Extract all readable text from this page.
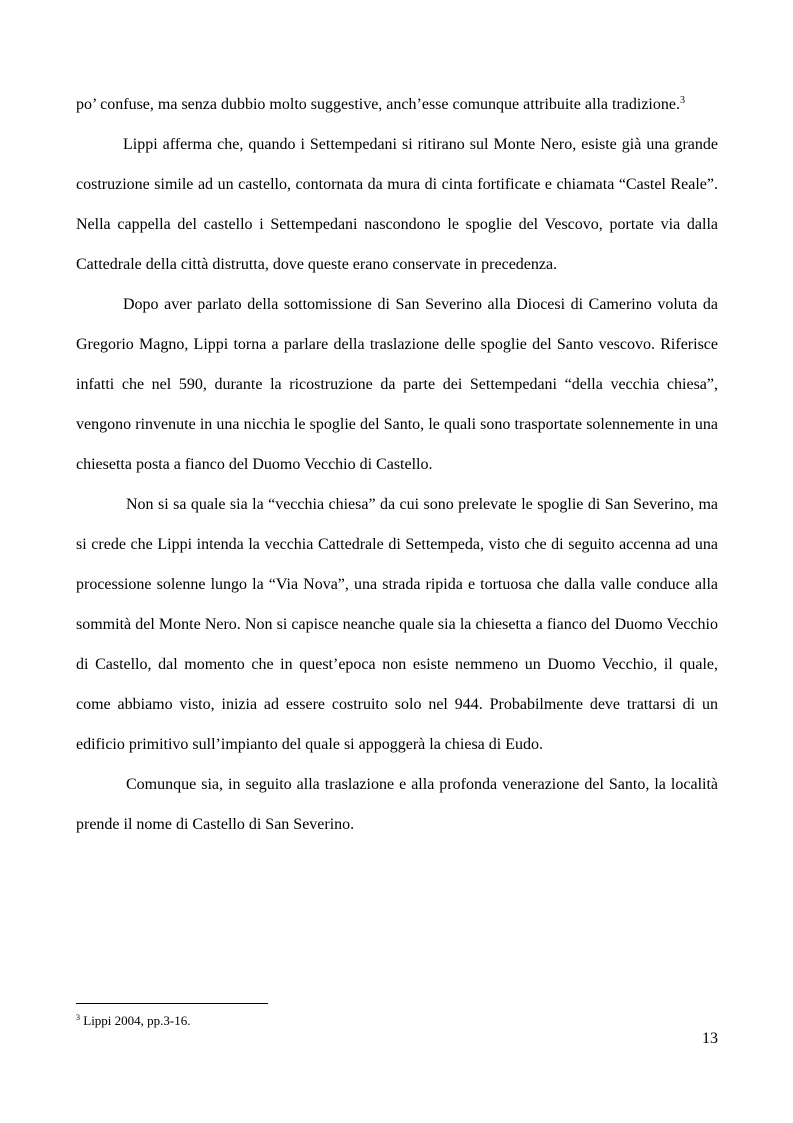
po’ confuse, ma senza dubbio molto suggestive, anch’esse comunque attribuite alla tradizione.$^3$

Lippi afferma che, quando i Settempedani si ritirano sul Monte Nero, esiste già una grande costruzione simile ad un castello, contornata da mura di cinta fortificate e chiamata “Castel Reale”. Nella cappella del castello i Settempedani nascondono le spoglie del Vescovo, portate via dalla Cattedrale della città distrutta, dove queste erano conservate in precedenza.

Dopo aver parlato della sottomissione di San Severino alla Diocesi di Camerino voluta da Gregorio Magno, Lippi torna a parlare della traslazione delle spoglie del Santo vescovo. Riferisce infatti che nel 590, durante la ricostruzione da parte dei Settempedani “della vecchia chiesa”, vengono rinvenute in una nicchia le spoglie del Santo, le quali sono trasportate solennemente in una chiesetta posta a fianco del Duomo Vecchio di Castello.

Non si sa quale sia la “vecchia chiesa” da cui sono prelevate le spoglie di San Severino, ma si crede che Lippi intenda la vecchia Cattedrale di Settempeda, visto che di seguito accenna ad una processione solenne lungo la “Via Nova”, una strada ripida e tortuosa che dalla valle conduce alla sommità del Monte Nero. Non si capisce neanche quale sia la chiesetta a fianco del Duomo Vecchio di Castello, dal momento che in quest’epoca non esiste nemmeno un Duomo Vecchio, il quale, come abbiamo visto, inizia ad essere costruito solo nel 944. Probabilmente deve trattarsi di un edificio primitivo sull’impianto del quale si appoggerà la chiesa di Eudo.

Comunque sia, in seguito alla traslazione e alla profonda venerazione del Santo, la località prende il nome di Castello di San Severino.

$^3$ Lippi 2004, pp.3-16.
13
